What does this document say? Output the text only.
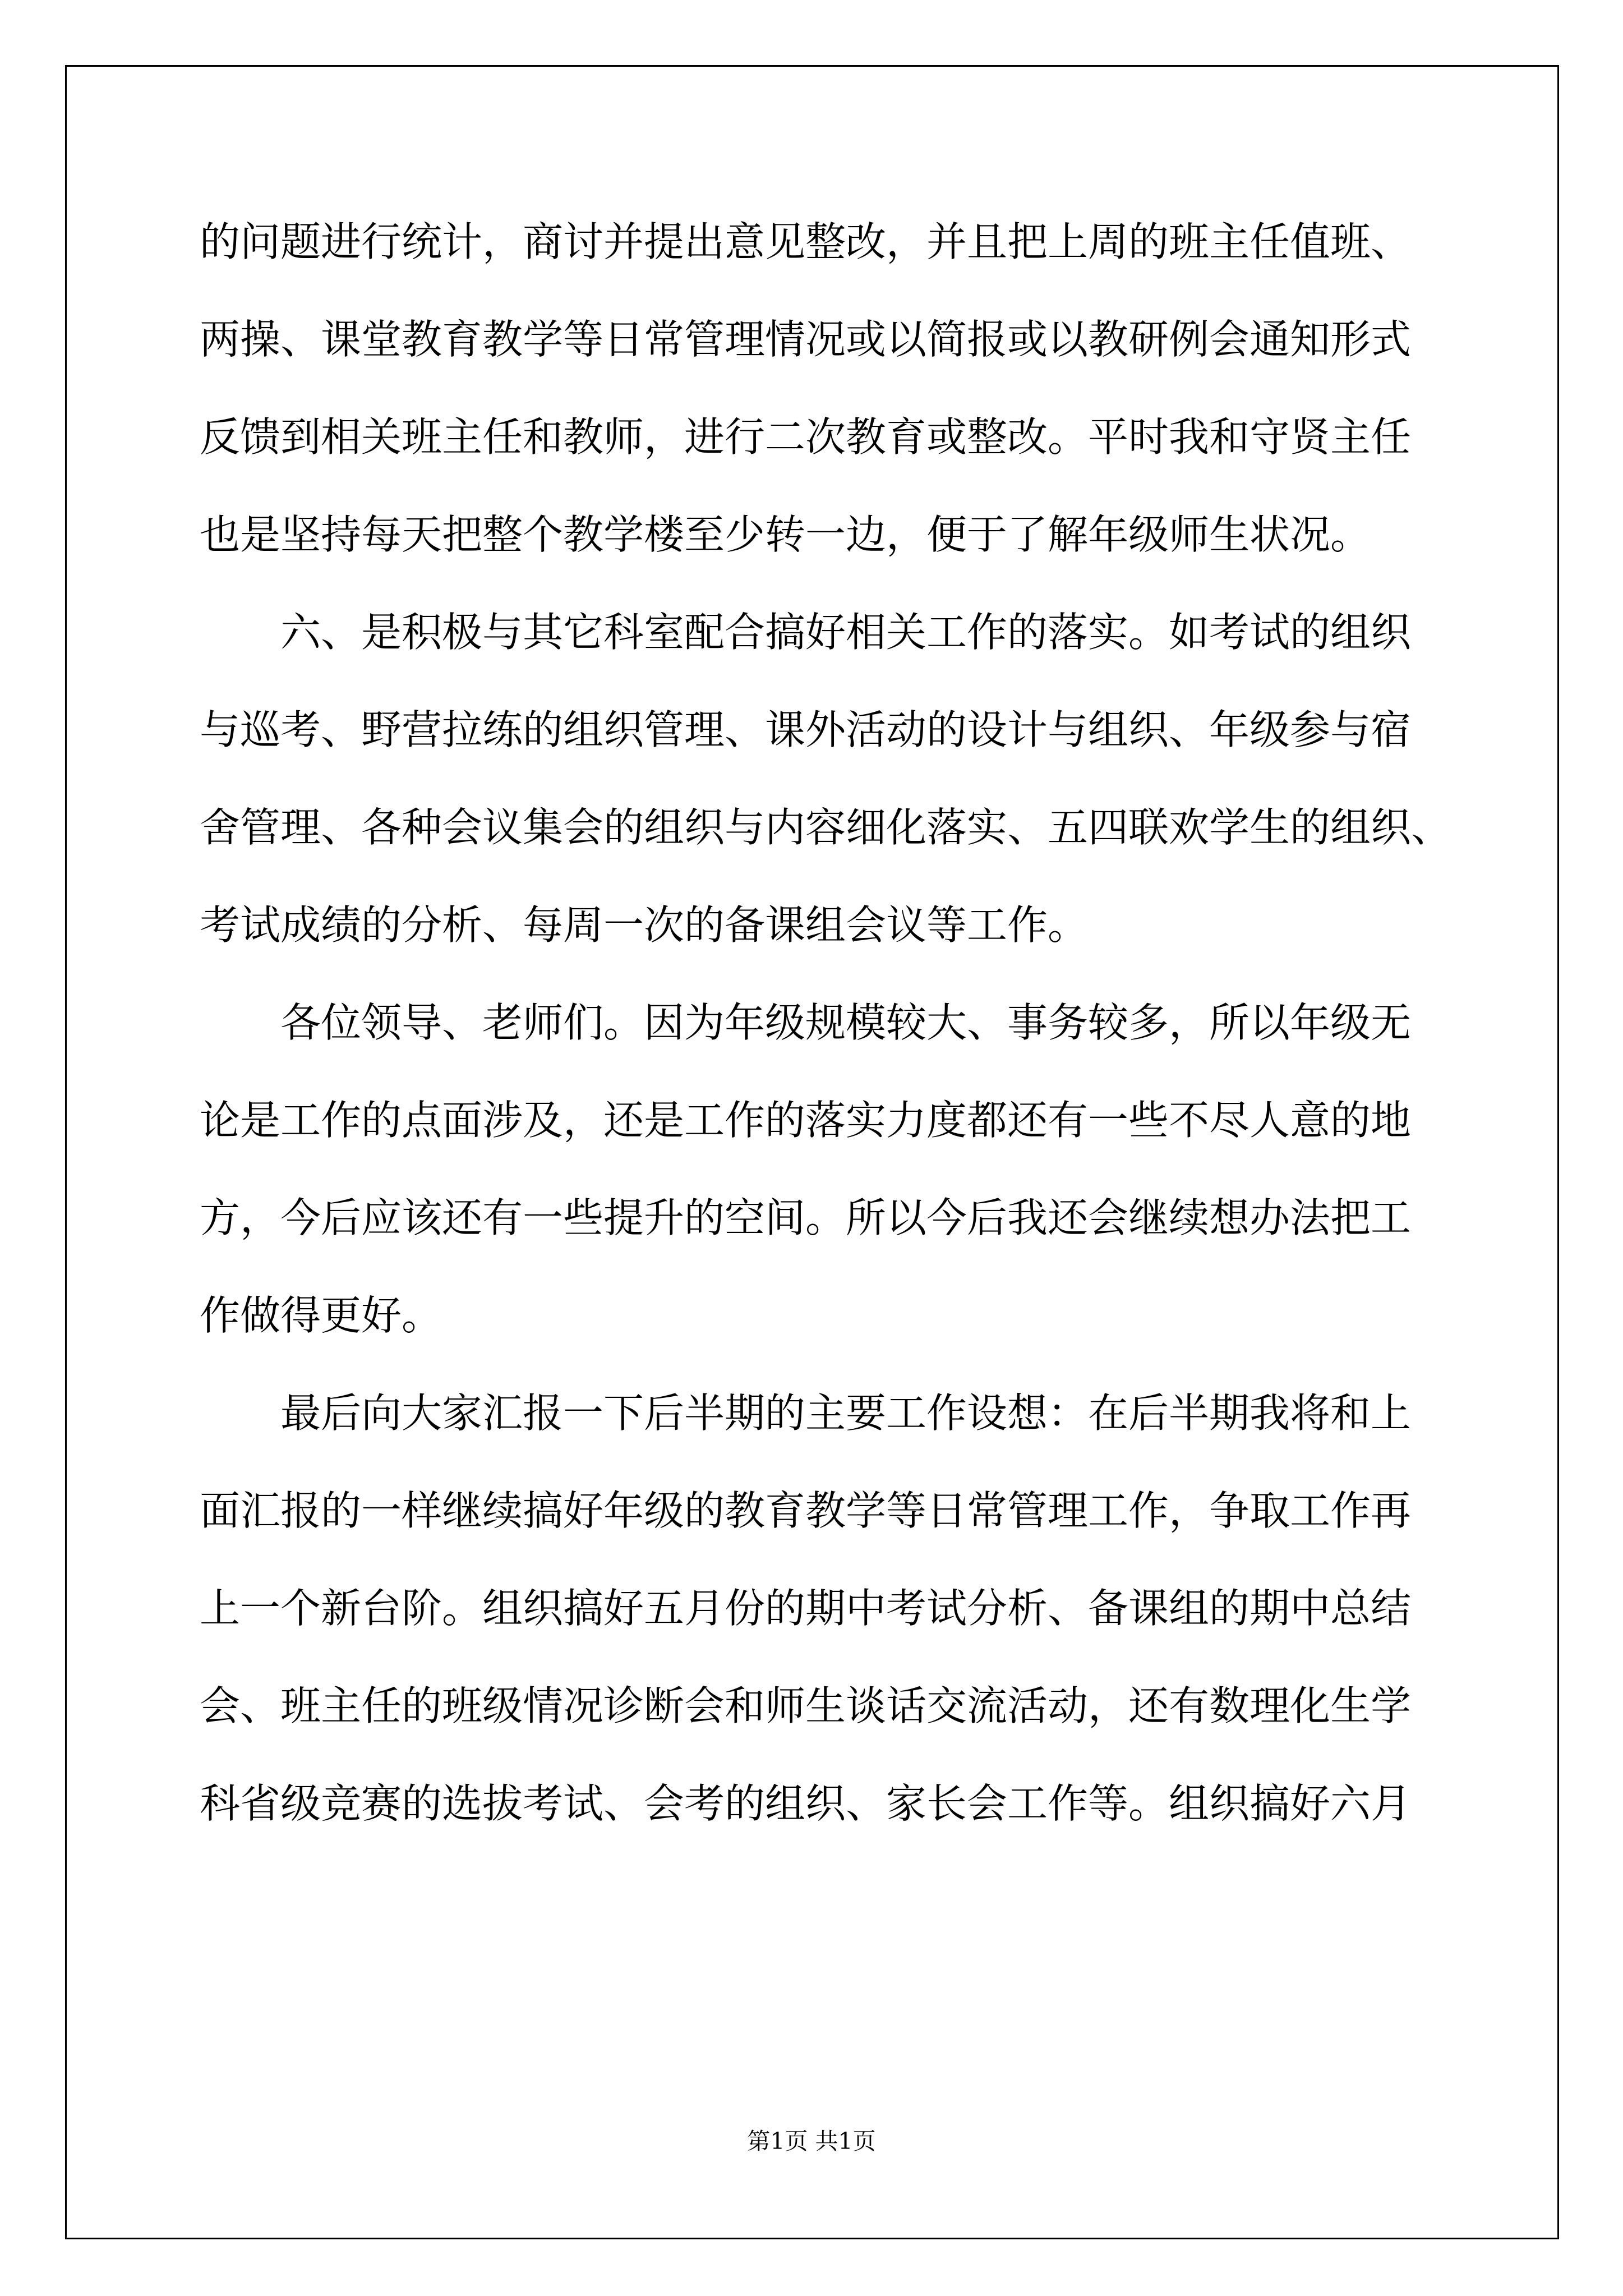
的问题进行统计，商讨并提出意见整改，并且把上周的班主任值班、
两操、课堂教育教学等日常管理情况或以简报或以教研例会通知形式
反馈到相关班主任和教师，进行二次教育或整改。平时我和守贤主任
也是坚持每天把整个教学楼至少转一边，便于了解年级师生状况。
六、是积极与其它科室配合搞好相关工作的落实。如考试的组织
与巡考、野营拉练的组织管理、课外活动的设计与组织、年级参与宿
舍管理、各种会议集会的组织与内容细化落实、五四联欢学生的组织、
考试成绩的分析、每周一次的备课组会议等工作。
各位领导、老师们。因为年级规模较大、事务较多，所以年级无
论是工作的点面涉及，还是工作的落实力度都还有一些不尽人意的地
方，今后应该还有一些提升的空间。所以今后我还会继续想办法把工
作做得更好。
最后向大家汇报一下后半期的主要工作设想：在后半期我将和上
面汇报的一样继续搞好年级的教育教学等日常管理工作，争取工作再
上一个新台阶。组织搞好五月份的期中考试分析、备课组的期中总结
会、班主任的班级情况诊断会和师生谈话交流活动，还有数理化生学
科省级竞赛的选拔考试、会考的组织、家长会工作等。组织搞好六月
第1页 共1页
